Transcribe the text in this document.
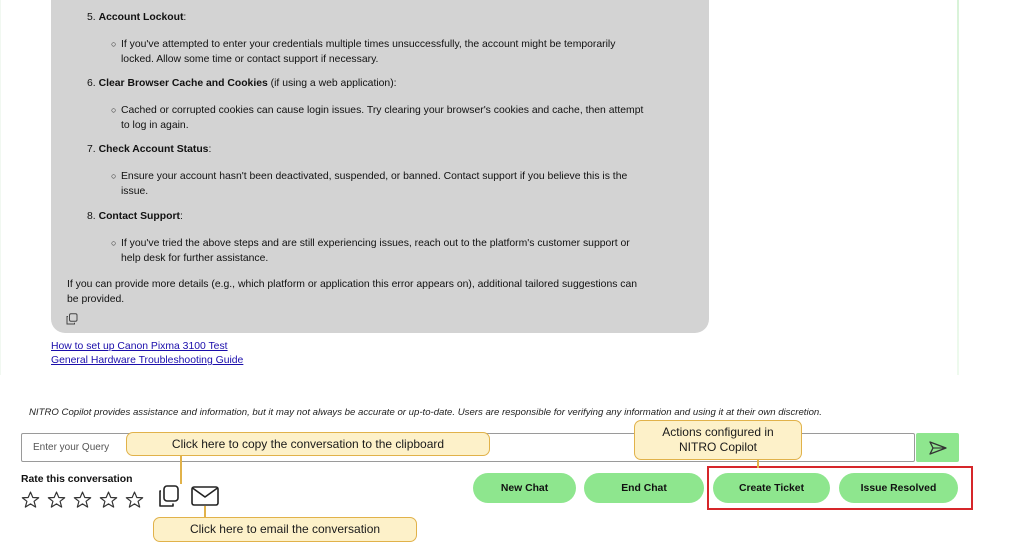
5. Account Lockout:
○ If you've attempted to enter your credentials multiple times unsuccessfully, the account might be temporarily
locked. Allow some time or contact support if necessary.
6. Clear Browser Cache and Cookies (if using a web application):
○ Cached or corrupted cookies can cause login issues. Try clearing your browser's cookies and cache, then attempt
to log in again.
7. Check Account Status:
○ Ensure your account hasn't been deactivated, suspended, or banned. Contact support if you believe this is the
issue.
8. Contact Support:
○ If you've tried the above steps and are still experiencing issues, reach out to the platform's customer support or
help desk for further assistance.
If you can provide more details (e.g., which platform or application this error appears on), additional tailored suggestions can
be provided.
How to set up Canon Pixma 3100 Test
General Hardware Troubleshooting Guide
NITRO Copilot provides assistance and information, but it may not always be accurate or up-to-date. Users are responsible for verifying any information and using it at their own discretion.
Enter your Query
Rate this conversation
New Chat	End Chat	Create Ticket	Issue Resolved
Click here to copy the conversation to the clipboard
Actions configured in
NITRO Copilot
Click here to email the conversation
